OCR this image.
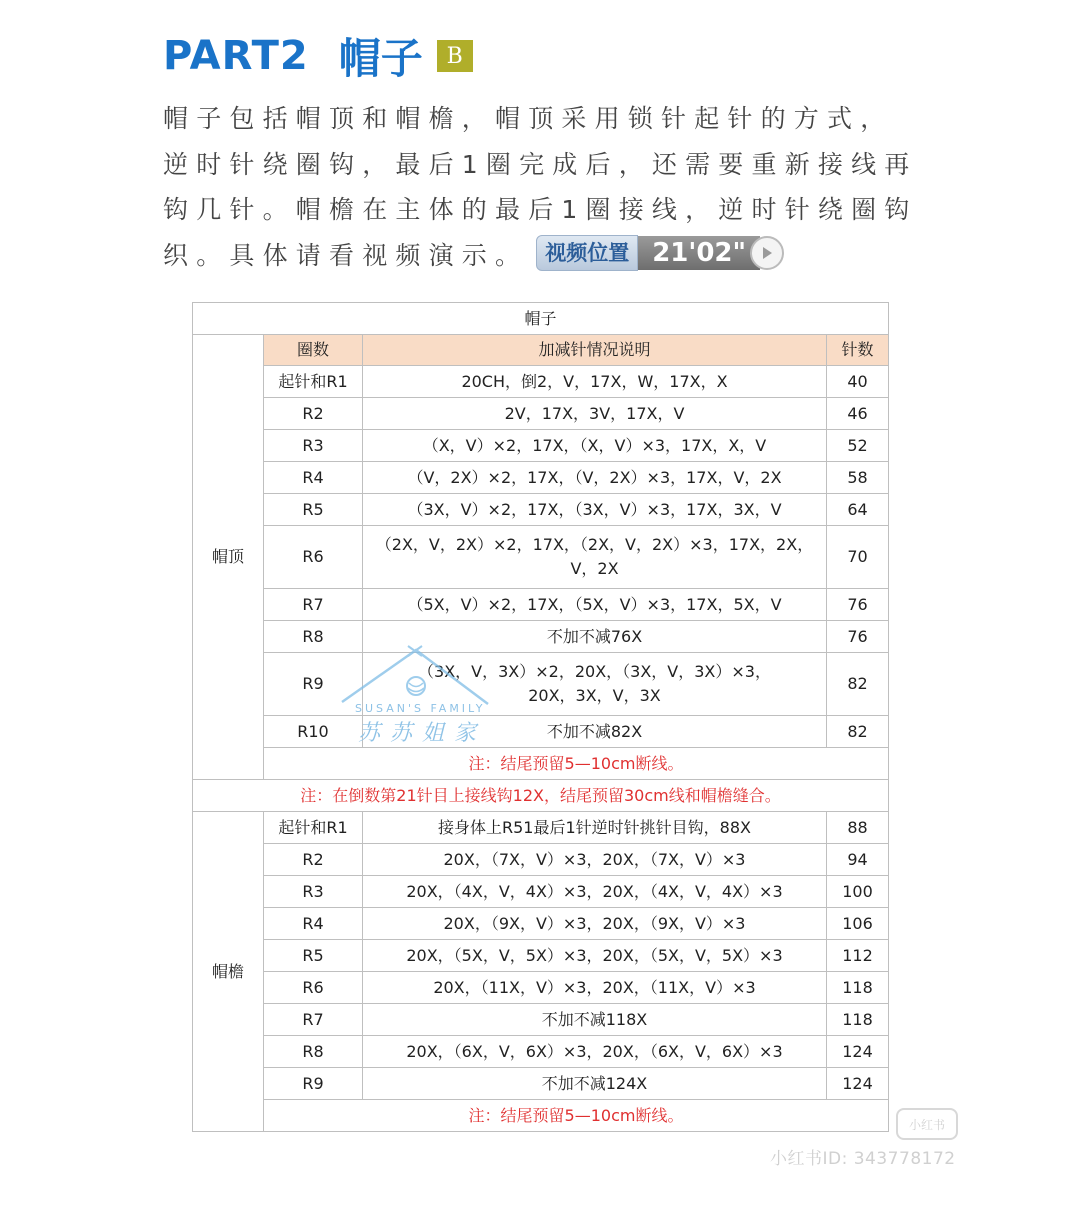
PART2 帽子	B
帽子包括帽顶和帽檐，帽顶采用锁针起针的方式，逆时针绕圈钩，最后1圈完成后，还需要重新接线再钩几针。帽檐在主体的最后1圈接线，逆时针绕圈钩织。具体请看视频演示。 视频位置 21'02"
帽子			
帽顶	圈数	加减针情况说明	针数
	起针和R1	20CH，倒2，V，17X，W，17X，X	40
	R2	2V，17X，3V，17X，V	46
	R3	（X，V）×2，17X，（X，V）×3，17X，X，V	52
	R4	（V，2X）×2，17X，（V，2X）×3，17X，V，2X	58
	R5	（3X，V）×2，17X，（3X，V）×3，17X，3X，V	64
	R6	（2X，V，2X）×2，17X，（2X，V，2X）×3，17X，2X，V，2X	70
	R7	（5X，V）×2，17X，（5X，V）×3，17X，5X，V	76
	R8	不加不减76X	76
	R9	（3X，V，3X）×2，20X，（3X，V，3X）×3，20X，3X，V，3X	82
	R10	不加不减82X	82
	注：结尾预留5—10cm断线。		
注：在倒数第21针目上接线钩12X，结尾预留30cm线和帽檐缝合。			
帽檐	起针和R1	接身体上R51最后1针逆时针挑针目钩，88X	88
	R2	20X，（7X，V）×3，20X，（7X，V）×3	94
	R3	20X，（4X，V，4X）×3，20X，（4X，V，4X）×3	100
	R4	20X，（9X，V）×3，20X，（9X，V）×3	106
	R5	20X，（5X，V，5X）×3，20X，（5X，V，5X）×3	112
	R6	20X，（11X，V）×3，20X，（11X，V）×3	118
	R7	不加不减118X	118
	R8	20X，（6X，V，6X）×3，20X，（6X，V，6X）×3	124
	R9	不加不减124X	124
	注：结尾预留5—10cm断线。		
SUSAN'S FAMILY
苏苏姐家
小红书
小红书ID: 343778172
